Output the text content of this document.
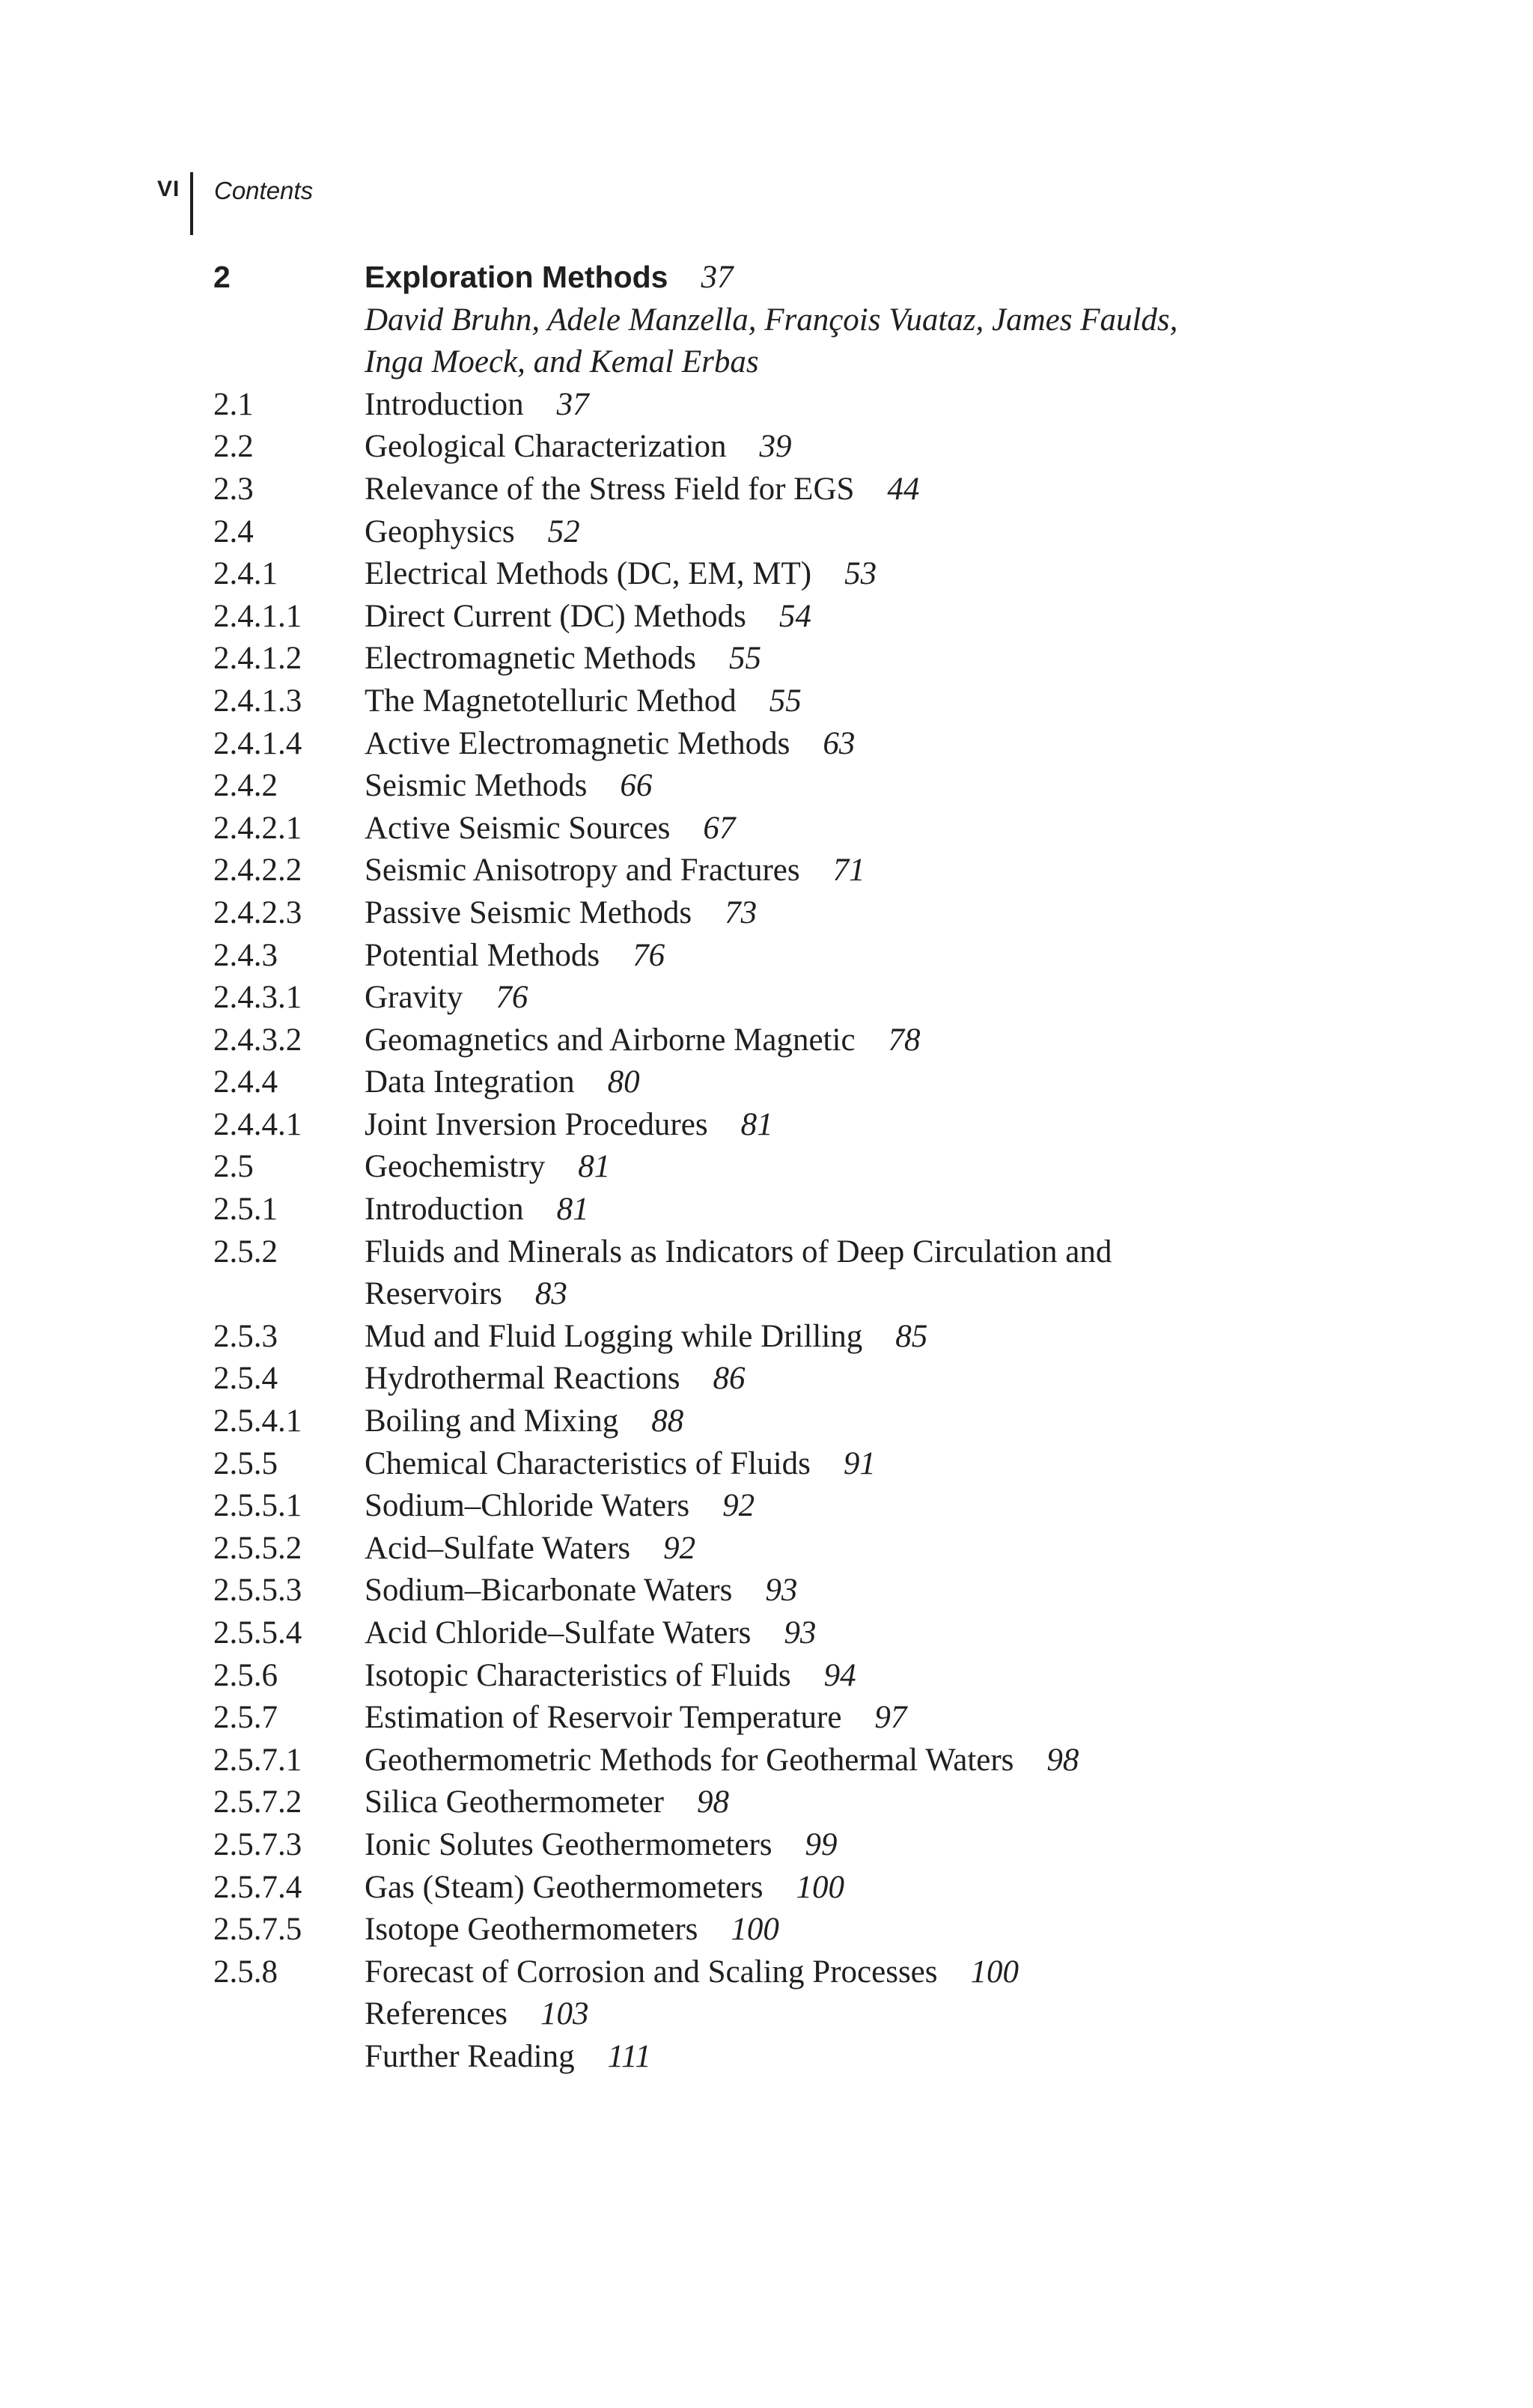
VI Contents
2	Exploration Methods 37
David Bruhn, Adele Manzella, François Vuataz, James Faulds, Inga Moeck, and Kemal Erbas
2.1	Introduction 37
2.2	Geological Characterization 39
2.3	Relevance of the Stress Field for EGS 44
2.4	Geophysics 52
2.4.1	Electrical Methods (DC, EM, MT) 53
2.4.1.1	Direct Current (DC) Methods 54
2.4.1.2	Electromagnetic Methods 55
2.4.1.3	The Magnetotelluric Method 55
2.4.1.4	Active Electromagnetic Methods 63
2.4.2	Seismic Methods 66
2.4.2.1	Active Seismic Sources 67
2.4.2.2	Seismic Anisotropy and Fractures 71
2.4.2.3	Passive Seismic Methods 73
2.4.3	Potential Methods 76
2.4.3.1	Gravity 76
2.4.3.2	Geomagnetics and Airborne Magnetic 78
2.4.4	Data Integration 80
2.4.4.1	Joint Inversion Procedures 81
2.5	Geochemistry 81
2.5.1	Introduction 81
2.5.2	Fluids and Minerals as Indicators of Deep Circulation and Reservoirs 83
2.5.3	Mud and Fluid Logging while Drilling 85
2.5.4	Hydrothermal Reactions 86
2.5.4.1	Boiling and Mixing 88
2.5.5	Chemical Characteristics of Fluids 91
2.5.5.1	Sodium–Chloride Waters 92
2.5.5.2	Acid–Sulfate Waters 92
2.5.5.3	Sodium–Bicarbonate Waters 93
2.5.5.4	Acid Chloride–Sulfate Waters 93
2.5.6	Isotopic Characteristics of Fluids 94
2.5.7	Estimation of Reservoir Temperature 97
2.5.7.1	Geothermometric Methods for Geothermal Waters 98
2.5.7.2	Silica Geothermometer 98
2.5.7.3	Ionic Solutes Geothermometers 99
2.5.7.4	Gas (Steam) Geothermometers 100
2.5.7.5	Isotope Geothermometers 100
2.5.8	Forecast of Corrosion and Scaling Processes 100
References 103
Further Reading 111
